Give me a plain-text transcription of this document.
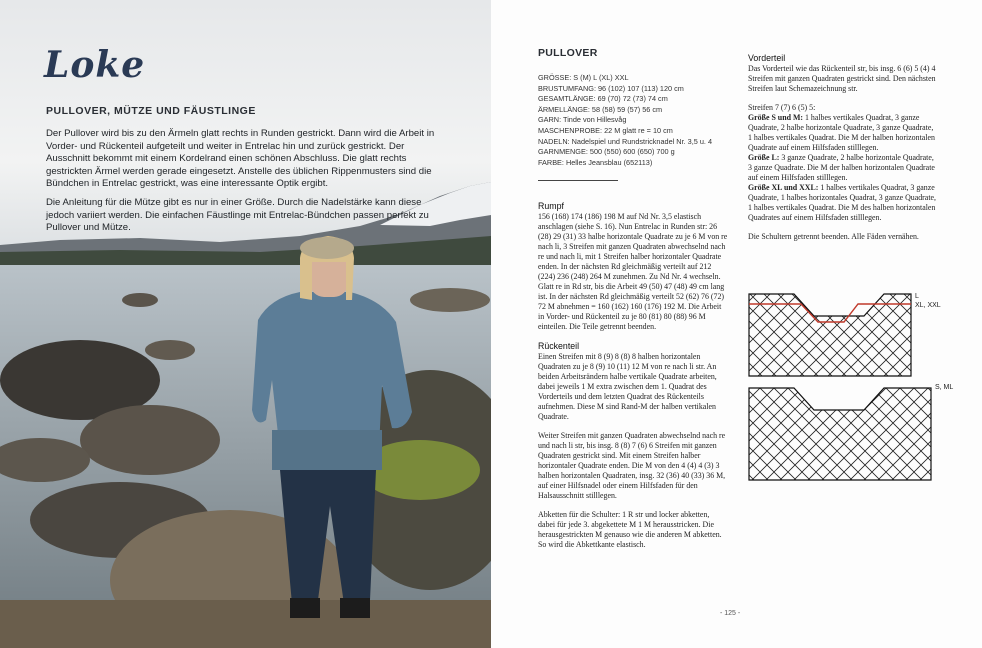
Loke
PULLOVER, MÜTZE UND FÄUSTLINGE

Der Pullover wird bis zu den Ärmeln glatt rechts in Runden gestrickt. Dann wird die Arbeit in Vorder- und Rückenteil aufgeteilt und weiter in Entrelac hin und zurück gestrickt. Der Ausschnitt bekommt mit einem Kordelrand einen schönen Abschluss. Die glatt rechts gestrickten Ärmel werden gerade eingesetzt. Anstelle des üblichen Rippenmusters sind die Bündchen in Entrelac gestrickt, was eine interessante Optik ergibt.

Die Anleitung für die Mütze gibt es nur in einer Größe. Durch die Nadelstärke kann diese jedoch variiert werden. Die einfachen Fäustlinge mit Entrelac-Bündchen passen perfekt zu Pullover und Mütze.

PULLOVER
GRÖSSE: S (M) L (XL) XXL
BRUSTUMFANG: 96 (102) 107 (113) 120 cm
GESAMTLÄNGE: 69 (70) 72 (73) 74 cm
ÄRMELLÄNGE: 58 (58) 59 (57) 56 cm
GARN: Tinde von Hillesvåg
MASCHENPROBE: 22 M glatt re = 10 cm
NADELN: Nadelspiel und Rundstricknadel Nr. 3,5 u. 4
GARNMENGE: 500 (550) 600 (650) 700 g
FARBE: Helles Jeansblau (652113)
Rumpf

156 (168) 174 (186) 198 M auf Nd Nr. 3,5 elastisch anschlagen (siehe S. 16). Nun Entrelac in Runden str: 26 (28) 29 (31) 33 halbe horizontale Quadrate zu je 6 M von re nach li, 3 Streifen mit ganzen Quadraten abwechselnd nach re und nach li, mit 1 Streifen halber horizontaler Quadrate enden. In der nächsten Rd gleichmäßig verteilt auf 212 (224) 236 (248) 264 M zunehmen. Zu Nd Nr. 4 wechseln. Glatt re in Rd str, bis die Arbeit 49 (50) 47 (48) 49 cm lang ist. In der nächsten Rd gleichmäßig verteilt 52 (62) 76 (72) 72 M abnehmen = 160 (162) 160 (176) 192 M. Die Arbeit in Vorder- und Rückenteil zu je 80 (81) 80 (88) 96 M einteilen. Die Teile getrennt beenden.

Rückenteil

Einen Streifen mit 8 (9) 8 (8) 8 halben horizontalen Quadraten zu je 8 (9) 10 (11) 12 M von re nach li str. An beiden Arbeitsrändern halbe vertikale Quadrate arbeiten, dabei jeweils 1 M extra zwischen dem 1. Quadrat des Vorderteils und dem letzten Quadrat des Rückenteils aufnehmen. Diese M sind Rand-M der halben vertikalen Quadrate.

Weiter Streifen mit ganzen Quadraten abwechselnd nach re und nach li str, bis insg. 8 (8) 7 (6) 6 Streifen mit ganzen Quadraten gestrickt sind. Mit einem Streifen halber horizontaler Quadrate enden. Die M von den 4 (4) 4 (3) 3 halben horizontalen Quadraten, insg. 32 (36) 40 (33) 36 M, auf einer Hilfsnadel oder einem Hilfsfaden für den Halsausschnitt stilllegen.

Abketten für die Schulter: 1 R str und locker abketten, dabei für jede 3. abgekettete M 1 M herausstricken. Die herausgestrickten M genauso wie die anderen M abketten. So wird die Abkettkante elastisch.

Vorderteil

Das Vorderteil wie das Rückenteil str, bis insg. 6 (6) 5 (4) 4 Streifen mit ganzen Quadraten gestrickt sind. Den nächsten Streifen laut Schemazeichnung str.

Streifen 7 (7) 6 (5) 5:
Größe S und M: 1 halbes vertikales Quadrat, 3 ganze Quadrate, 2 halbe horizontale Quadrate, 3 ganze Quadrate, 1 halbes vertikales Quadrat. Die M der halben horizontalen Quadrate auf einem Hilfsfaden stilllegen.
Größe L: 3 ganze Quadrate, 2 halbe horizontale Quadrate, 3 ganze Quadrate. Die M der halben horizontalen Quadrate auf einem Hilfsfaden stilllegen.
Größe XL und XXL: 1 halbes vertikales Quadrat, 3 ganze Quadrate, 1 halbes horizontales Quadrat, 3 ganze Quadrate, 1 halbes vertikales Quadrat. Die M des halben horizontalen Quadrates auf einem Hilfsfaden stilllegen.

Die Schultern getrennt beenden. Alle Fäden vernähen.

L
XL, XXL
S, ML
- 125 -
